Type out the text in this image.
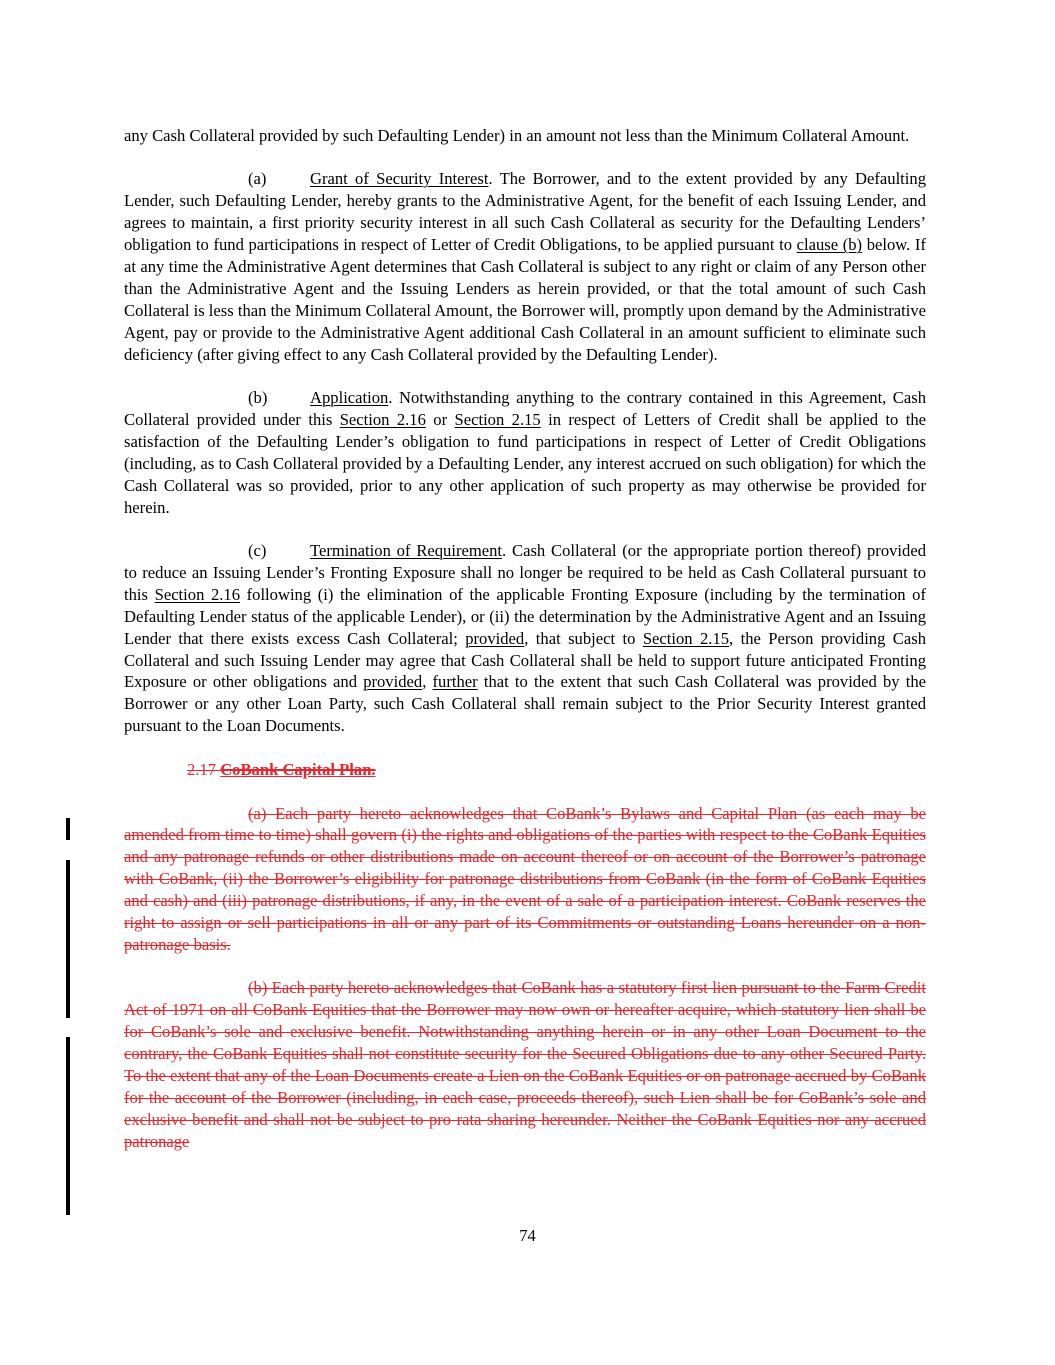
any Cash Collateral provided by such Defaulting Lender) in an amount not less than the Minimum Collateral Amount.

(a)	Grant of Security Interest. The Borrower, and to the extent provided by any Defaulting Lender, such Defaulting Lender, hereby grants to the Administrative Agent, for the benefit of each Issuing Lender, and agrees to maintain, a first priority security interest in all such Cash Collateral as security for the Defaulting Lenders’ obligation to fund participations in respect of Letter of Credit Obligations, to be applied pursuant to clause (b) below. If at any time the Administrative Agent determines that Cash Collateral is subject to any right or claim of any Person other than the Administrative Agent and the Issuing Lenders as herein provided, or that the total amount of such Cash Collateral is less than the Minimum Collateral Amount, the Borrower will, promptly upon demand by the Administrative Agent, pay or provide to the Administrative Agent additional Cash Collateral in an amount sufficient to eliminate such deficiency (after giving effect to any Cash Collateral provided by the Defaulting Lender).

(b)	Application. Notwithstanding anything to the contrary contained in this Agreement, Cash Collateral provided under this Section 2.16 or Section 2.15 in respect of Letters of Credit shall be applied to the satisfaction of the Defaulting Lender’s obligation to fund participations in respect of Letter of Credit Obligations (including, as to Cash Collateral provided by a Defaulting Lender, any interest accrued on such obligation) for which the Cash Collateral was so provided, prior to any other application of such property as may otherwise be provided for herein.

(c)	Termination of Requirement. Cash Collateral (or the appropriate portion thereof) provided to reduce an Issuing Lender’s Fronting Exposure shall no longer be required to be held as Cash Collateral pursuant to this Section 2.16 following (i) the elimination of the applicable Fronting Exposure (including by the termination of Defaulting Lender status of the applicable Lender), or (ii) the determination by the Administrative Agent and an Issuing Lender that there exists excess Cash Collateral; provided, that subject to Section 2.15, the Person providing Cash Collateral and such Issuing Lender may agree that Cash Collateral shall be held to support future anticipated Fronting Exposure or other obligations and provided, further that to the extent that such Cash Collateral was provided by the Borrower or any other Loan Party, such Cash Collateral shall remain subject to the Prior Security Interest granted pursuant to the Loan Documents.

2.17 CoBank Capital Plan.

(a) Each party hereto acknowledges that CoBank’s Bylaws and Capital Plan (as each may be amended from time to time) shall govern (i) the rights and obligations of the parties with respect to the CoBank Equities and any patronage refunds or other distributions made on account thereof or on account of the Borrower’s patronage with CoBank, (ii) the Borrower’s eligibility for patronage distributions from CoBank (in the form of CoBank Equities and cash) and (iii) patronage distributions, if any, in the event of a sale of a participation interest. CoBank reserves the right to assign or sell participations in all or any part of its Commitments or outstanding Loans hereunder on a non-patronage basis.

(b) Each party hereto acknowledges that CoBank has a statutory first lien pursuant to the Farm Credit Act of 1971 on all CoBank Equities that the Borrower may now own or hereafter acquire, which statutory lien shall be for CoBank’s sole and exclusive benefit. Notwithstanding anything herein or in any other Loan Document to the contrary, the CoBank Equities shall not constitute security for the Secured Obligations due to any other Secured Party. To the extent that any of the Loan Documents create a Lien on the CoBank Equities or on patronage accrued by CoBank for the account of the Borrower (including, in each case, proceeds thereof), such Lien shall be for CoBank’s sole and exclusive benefit and shall not be subject to pro rata sharing hereunder. Neither the CoBank Equities nor any accrued patronage

74
